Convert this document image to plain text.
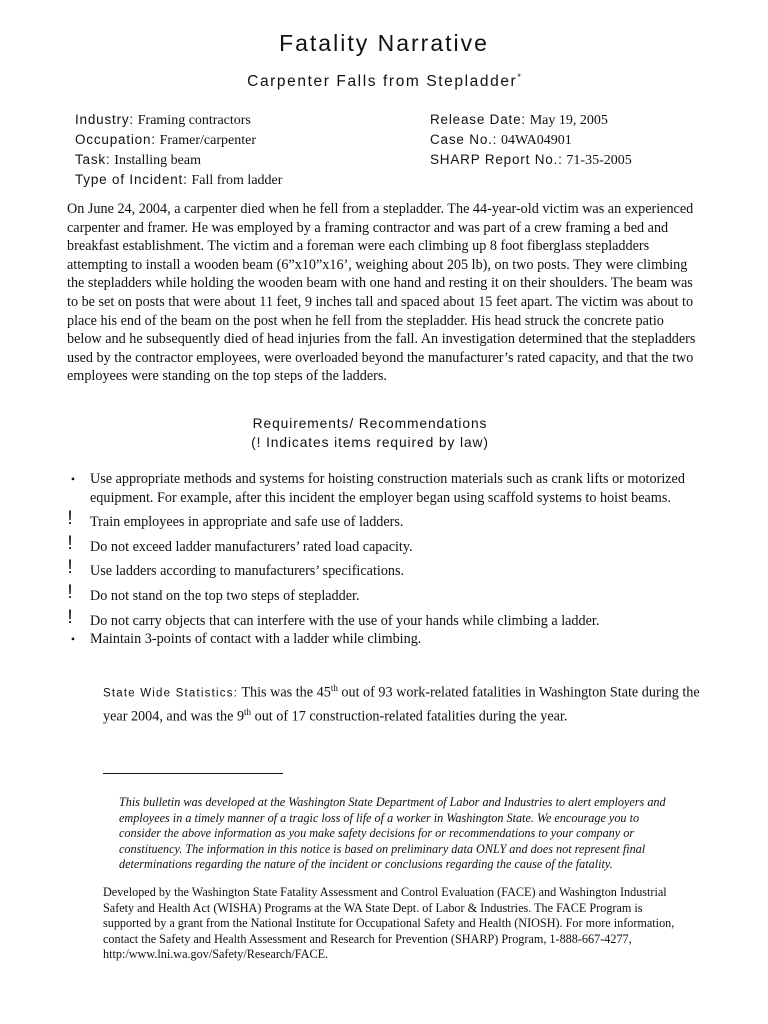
Fatality Narrative
Carpenter Falls from Stepladder*
Industry: Framing contractors
Occupation: Framer/carpenter
Task: Installing beam
Type of Incident: Fall from ladder
Release Date: May 19, 2005
Case No.: 04WA04901
SHARP Report No.: 71-35-2005
On June 24, 2004, a carpenter died when he fell from a stepladder. The 44-year-old victim was an experienced carpenter and framer. He was employed by a framing contractor and was part of a crew framing a bed and breakfast establishment. The victim and a foreman were each climbing up 8 foot fiberglass stepladders attempting to install a wooden beam (6”x10”x16’, weighing about 205 lb), on two posts. They were climbing the stepladders while holding the wooden beam with one hand and resting it on their shoulders. The beam was to be set on posts that were about 11 feet, 9 inches tall and spaced about 15 feet apart. The victim was about to place his end of the beam on the post when he fell from the stepladder. His head struck the concrete patio below and he subsequently died of head injuries from the fall. An investigation determined that the stepladders used by the contractor employees, were overloaded beyond the manufacturer’s rated capacity, and that the two employees were standing on the top steps of the ladders.
Requirements/ Recommendations
(! Indicates items required by law)
•	Use appropriate methods and systems for hoisting construction materials such as crank lifts or motorized equipment. For example, after this incident the employer began using scaffold systems to hoist beams.
!	Train employees in appropriate and safe use of ladders.
!	Do not exceed ladder manufacturers’ rated load capacity.
!	Use ladders according to manufacturers’ specifications.
!	Do not stand on the top two steps of stepladder.
!	Do not carry objects that can interfere with the use of your hands while climbing a ladder.
•	Maintain 3-points of contact with a ladder while climbing.
State Wide Statistics: This was the 45th out of 93 work-related fatalities in Washington State during the year 2004, and was the 9th out of 17 construction-related fatalities during the year.
This bulletin was developed at the Washington State Department of Labor and Industries to alert employers and employees in a timely manner of a tragic loss of life of a worker in Washington State. We encourage you to consider the above information as you make safety decisions for or recommendations to your company or constituency. The information in this notice is based on preliminary data ONLY and does not represent final determinations regarding the nature of the incident or conclusions regarding the cause of the fatality.
Developed by the Washington State Fatality Assessment and Control Evaluation (FACE) and Washington Industrial Safety and Health Act (WISHA) Programs at the WA State Dept. of Labor & Industries. The FACE Program is supported by a grant from the National Institute for Occupational Safety and Health (NIOSH). For more information, contact the Safety and Health Assessment and Research for Prevention (SHARP) Program, 1-888-667-4277, http:/www.lni.wa.gov/Safety/Research/FACE.
